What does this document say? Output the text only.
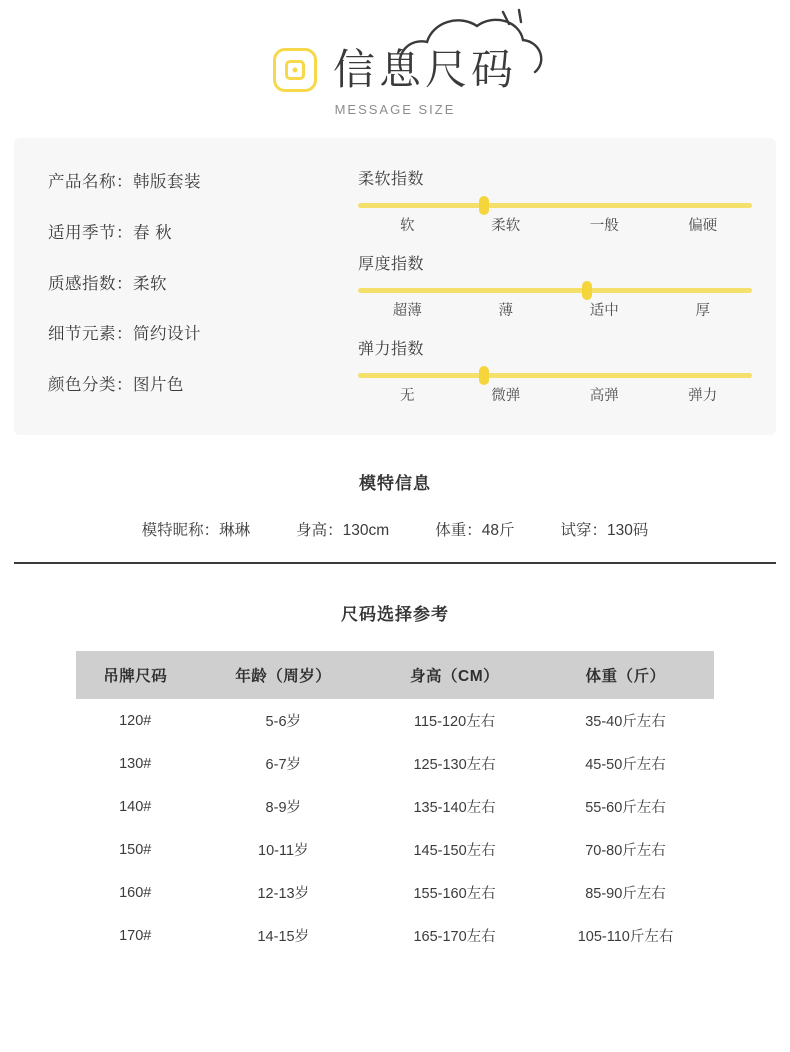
信息尺码
MESSAGE SIZE
产品名称：韩版套装
适用季节：春 秋
质感指数：柔软
细节元素：简约设计
颜色分类：图片色
柔软指数
软	柔软	一般	偏硬
厚度指数
超薄	薄	适中	厚
弹力指数
无	微弹	高弹	弹力
模特信息
模特昵称：琳琳	身高：130cm	体重：48斤	试穿：130码
尺码选择参考
吊牌尺码	年龄（周岁）	身高（CM）	体重（斤）
120#	5-6岁	115-120左右	35-40斤左右
130#	6-7岁	125-130左右	45-50斤左右
140#	8-9岁	135-140左右	55-60斤左右
150#	10-11岁	145-150左右	70-80斤左右
160#	12-13岁	155-160左右	85-90斤左右
170#	14-15岁	165-170左右	105-110斤左右
